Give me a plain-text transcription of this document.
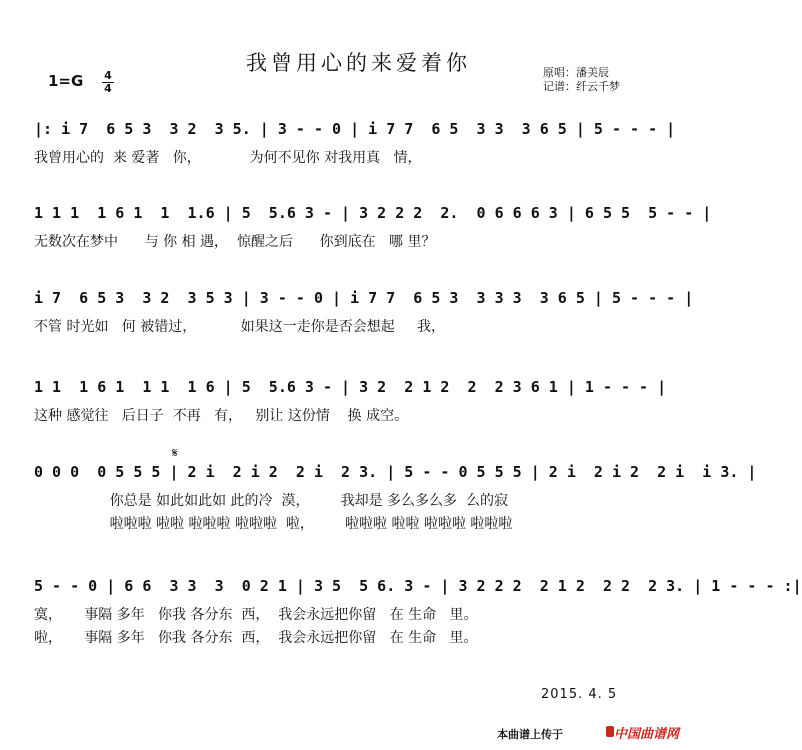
我曾用心的来爱着你
$1=G \frac{4}{4}$	原唱：潘美辰
记谱：纤云千梦
|: i 7  6 5 3  3 2  3 5. | 3 - - 0 | i 7 7  6 5  3 3  3 6 5 | 5 - - - |
我曾用心的  来 爱著   你，           为何不见你 对我用真   情，
1 1 1  1 6 1  1  1.6 | 5  5.6 3 - | 3 2 2 2  2.  0 6 6 6 3 | 6 5 5  5 - - |
无数次在梦中      与 你 相 遇，  惊醒之后      你到底在   哪 里？
i 7  6 5 3  3 2  3 5 3 | 3 - - 0 | i 7 7  6 5 3  3 3 3  3 6 5 | 5 - - - |
不管 时光如   何 被错过，          如果这一走你是否会想起     我，
1 1  1 6 1  1 1  1 6 | 5  5.6 3 - | 3 2  2 1 2  2  2 3 6 1 | 1 - - - |
这种 感觉往   后日子  不再   有，   别让 这份情    换 成空。
𝄋
0 0 0  0 5 5 5 | 2 i  2 i 2  2 i  2 3. | 5 - - 0 5 5 5 | 2 i  2 i 2  2 i  i 3. |
你总是 如此如此如 此的冷  漠，       我却是 多么多么多  么的寂
啦啦啦 啦啦 啦啦啦 啦啦啦  啦，       啦啦啦 啦啦 啦啦啦 啦啦啦
5 - - 0 | 6 6  3 3  3  0 2 1 | 3 5  5 6. 3 - | 3 2 2 2  2 1 2  2 2  2 3. | 1 - - - :|
寞，     事隔 多年   你我 各分东  西，  我会永远把你留   在 生命   里。
啦，     事隔 多年   你我 各分东  西，  我会永远把你留   在 生命   里。
2015. 4. 5
本曲谱上传于	中国曲谱网
